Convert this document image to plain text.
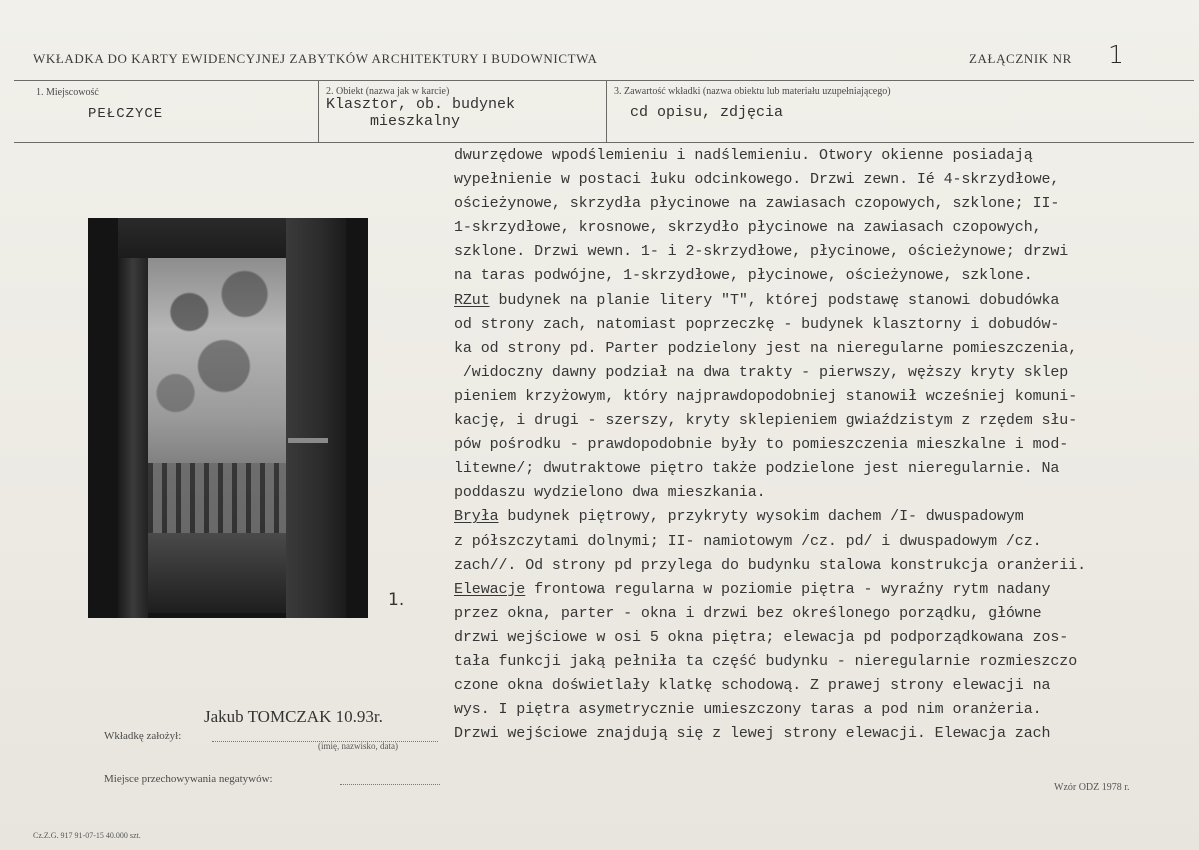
WKŁADKA DO KARTY EWIDENCYJNEJ ZABYTKÓW ARCHITEKTURY I BUDOWNICTWA	ZAŁĄCZNIK NR 1
1. Miejscowość
PEŁCZYCE
2. Obiekt (nazwa jak w karcie)
Klasztor, ob. budynek
mieszkalny
3. Zawartość wkładki (nazwa obiektu lub materiału uzupełniającego)
cd opisu, zdjęcia
1.
dwurzędowe wpodślemieniu i nadślemieniu. Otwory okienne posiadają
wypełnienie w postaci łuku odcinkowego. Drzwi zewn. Ié 4-skrzydłowe,
ościeżynowe, skrzydła płycinowe na zawiasach czopowych, szklone; II-
1-skrzydłowe, krosnowe, skrzydło płycinowe na zawiasach czopowych,
szklone. Drzwi wewn. 1- i 2-skrzydłowe, płycinowe, ościeżynowe; drzwi
na taras podwójne, 1-skrzydłowe, płycinowe, ościeżynowe, szklone.
RZut budynek na planie litery "T", której podstawę stanowi dobudówka
od strony zach, natomiast poprzeczkę - budynek klasztorny i dobudów-
ka od strony pd. Parter podzielony jest na nieregularne pomieszczenia,
/widoczny dawny podział na dwa trakty - pierwszy, węższy kryty sklep
pieniem krzyżowym, który najprawdopodobniej stanowił wcześniej komuni-
kację, i drugi - szerszy, kryty sklepieniem gwiaździstym z rzędem słu-
pów pośrodku - prawdopodobnie były to pomieszczenia mieszkalne i mod-
litewne/; dwutraktowe piętro także podzielone jest nieregularnie. Na
poddaszu wydzielono dwa mieszkania.
Bryła budynek piętrowy, przykryty wysokim dachem /I- dwuspadowym
z półszczytami dolnymi; II- namiotowym /cz. pd/ i dwuspadowym /cz.
zach//. Od strony pd przylega do budynku stalowa konstrukcja oranżerii.
Elewacje frontowa regularna w poziomie piętra - wyraźny rytm nadany
przez okna, parter - okna i drzwi bez określonego porządku, główne
drzwi wejściowe w osi 5 okna piętra; elewacja pd podporządkowana zos-
tała funkcji jaką pełniła ta część budynku - nieregularnie rozmieszczo
czone okna doświetlały klatkę schodową. Z prawej strony elewacji na
wys. I piętra asymetrycznie umieszczony taras a pod nim oranżeria.
Drzwi wejściowe znajdują się z lewej strony elewacji. Elewacja zach
Jakub TOMCZAK 10.93r.
Wkładkę założył:
(imię, nazwisko, data)
Miejsce przechowywania negatywów:
Cz.Z.G. 917 91-07-15 40.000 szt.
Wzór ODZ 1978 r.
